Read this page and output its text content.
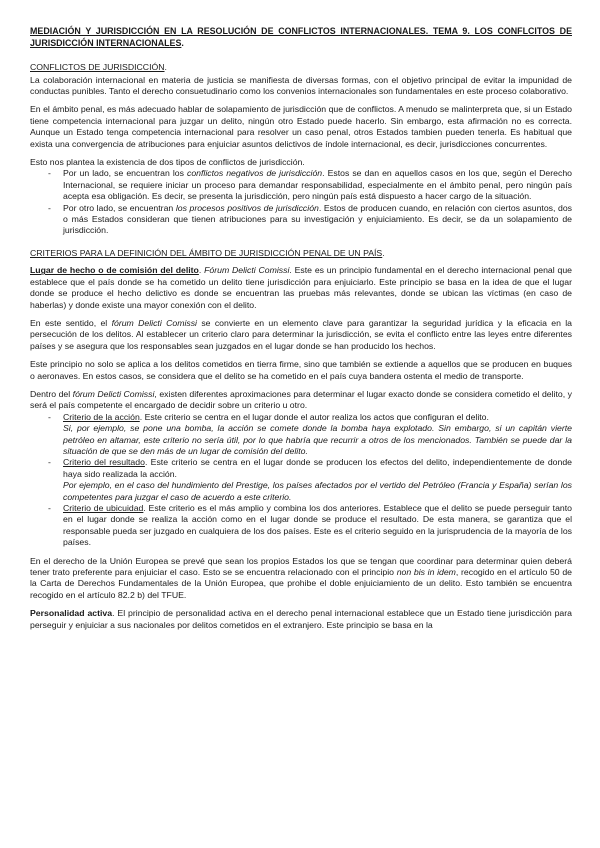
MEDIACIÓN Y JURISDICCIÓN EN LA RESOLUCIÓN DE CONFLICTOS INTERNACIONALES. TEMA 9. LOS CONFLCITOS DE JURISDICCIÓN INTERNACIONALES.
CONFLICTOS DE JURISDICCIÓN.

La colaboración internacional en materia de justicia se manifiesta de diversas formas, con el objetivo principal de evitar la impunidad de conductas punibles. Tanto el derecho consuetudinario como los convenios internacionales son fundamentales en este proceso colaborativo.

En el ámbito penal, es más adecuado hablar de solapamiento de jurisdicción que de conflictos. A menudo se malinterpreta que, si un Estado tiene competencia internacional para juzgar un delito, ningún otro Estado puede hacerlo. Sin embargo, esta afirmación no es correcta. Aunque un Estado tenga competencia internacional para resolver un caso penal, otros Estados tambien pueden tenerla. Es habitual que exista una convergencia de atribuciones para enjuiciar asuntos delictivos de índole internacional, es decir, jurisdicciones concurrentes.

Esto nos plantea la existencia de dos tipos de conflictos de jurisdicción.

- Por un lado, se encuentran los conflictos negativos de jurisdicción. Estos se dan en aquellos casos en los que, según el Derecho Internacional, se requiere iniciar un proceso para demandar responsabilidad, especialmente en el ámbito penal, pero ningún país acepta esa obligación. Es decir, se presenta la jurisdicción, pero ningún país está dispuesto a hacer cargo de la situación.
- Por otro lado, se encuentran los procesos positivos de jurisdicción. Estos de producen cuando, en relación con ciertos asuntos, dos o más Estados consideran que tienen atribuciones para su investigación y enjuiciamiento. Es decir, se da un solapamiento de jurisdicción.
CRITERIOS PARA LA DEFINICIÓN DEL ÁMBITO DE JURISDICCIÓN PENAL DE UN PAÍS.

Lugar de hecho o de comisión del delito. Fórum Delicti Comissi. Este es un principio fundamental en el derecho internacional penal que establece que el país donde se ha cometido un delito tiene jurisdicción para enjuiciarlo. Este principio se basa en la idea de que el lugar donde se produce el hecho delictivo es donde se encuentran las pruebas más relevantes, donde se ubican las víctimas (en caso de haberlas) y donde existe una mayor conexión con el delito.

En este sentido, el fórum Delicti Comissi se convierte en un elemento clave para garantizar la seguridad jurídica y la eficacia en la persecución de los delitos. Al establecer un criterio claro para determinar la jurisdicción, se evita el conflicto entre las leyes entre diferentes países y se asegura que los responsables sean juzgados en el lugar donde se han producido los hechos.

Este principio no solo se aplica a los delitos cometidos en tierra firme, sino que también se extiende a aquellos que se producen en buques o aeronaves. En estos casos, se considera que el delito se ha cometido en el país cuya bandera ostenta el medio de transporte.

Dentro del fórum Delicti Comissi, existen diferentes aproximaciones para determinar el lugar exacto donde se considera cometido el delito, y será el país competente el encargado de decidir sobre un criterio u otro.

- Criterio de la acción. Este criterio se centra en el lugar donde el autor realiza los actos que configuran el delito.
Si, por ejemplo, se pone una bomba, la acción se comete donde la bomba haya explotado. Sin embargo, si un capitán vierte petróleo en altamar, este criterio no sería útil, por lo que habría que recurrir a otros de los mencionados. También se puede dar la situación de que se den más de un lugar de comisión del delito.
- Criterio del resultado. Este criterio se centra en el lugar donde se producen los efectos del delito, independientemente de donde haya sido realizada la acción.
Por ejemplo, en el caso del hundimiento del Prestige, los países afectados por el vertido del Petróleo (Francia y España) serían los competentes para juzgar el caso de acuerdo a este criterio.
- Criterio de ubicuidad. Este criterio es el más amplio y combina los dos anteriores. Establece que el delito se puede perseguir tanto en el lugar donde se realiza la acción como en el lugar donde se produce el resultado. De esta manera, se garantiza que el responsable pueda ser juzgado en cualquiera de los dos países. Este es el criterio seguido en la jurisprudencia de la mayoría de los países.

En el derecho de la Unión Europea se prevé que sean los propios Estados los que se tengan que coordinar para determinar quien deberá tener trato preferente para enjuiciar el caso. Esto se se encuentra relacionado con el principio non bis in idem, recogido en el artículo 50 de la Carta de Derechos Fundamentales de la Unión Europea, que prohibe el doble enjuiciamiento de un delito. Esto también se encuentra recogido en el artículo 82.2 b) del TFUE.

Personalidad activa. El principio de personalidad activa en el derecho penal internacional establece que un Estado tiene jurisdicción para perseguir y enjuiciar a sus nacionales por delitos cometidos en el extranjero. Este principio se basa en la
